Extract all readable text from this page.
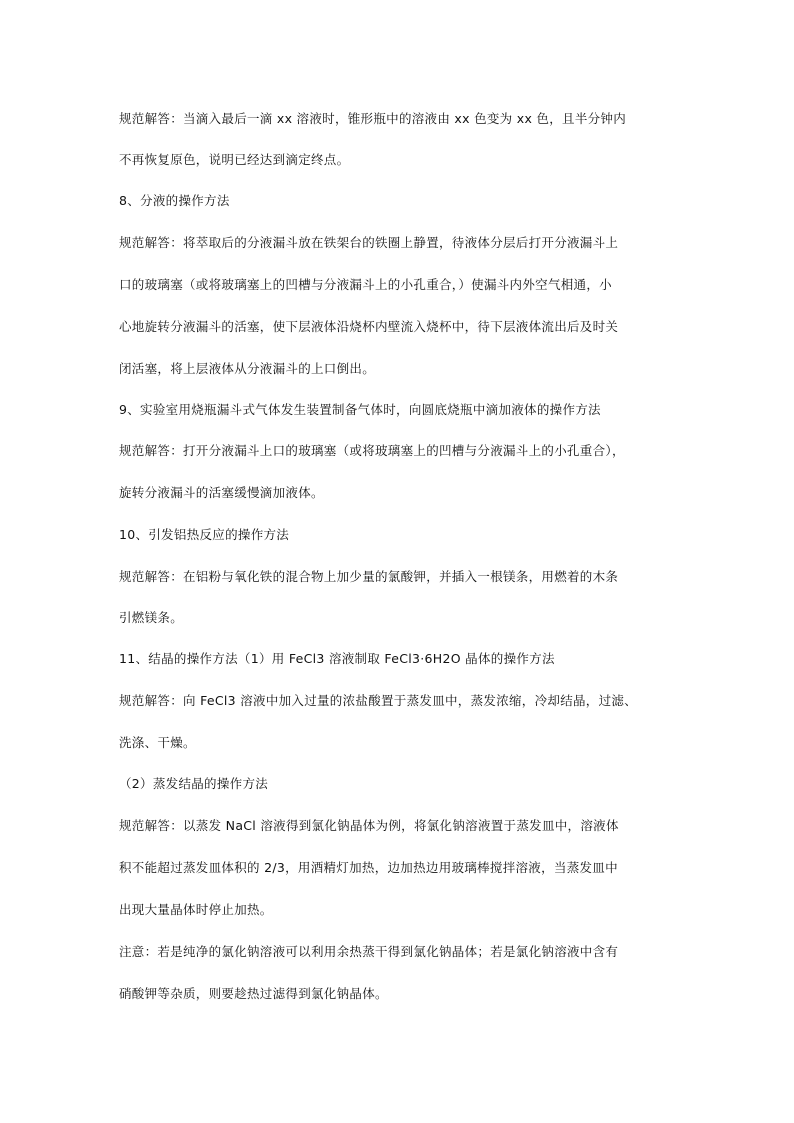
规范解答：当滴入最后一滴 xx 溶液时，锥形瓶中的溶液由 xx 色变为 xx 色，且半分钟内
不再恢复原色，说明已经达到滴定终点。
8、分液的操作方法
规范解答：将萃取后的分液漏斗放在铁架台的铁圈上静置，待液体分层后打开分液漏斗上
口的玻璃塞（或将玻璃塞上的凹槽与分液漏斗上的小孔重合，）使漏斗内外空气相通，小
心地旋转分液漏斗的活塞，使下层液体沿烧杯内壁流入烧杯中，待下层液体流出后及时关
闭活塞，将上层液体从分液漏斗的上口倒出。
9、实验室用烧瓶漏斗式气体发生装置制备气体时，向圆底烧瓶中滴加液体的操作方法
规范解答：打开分液漏斗上口的玻璃塞（或将玻璃塞上的凹槽与分液漏斗上的小孔重合），
旋转分液漏斗的活塞缓慢滴加液体。
10、引发铝热反应的操作方法
规范解答：在铝粉与氧化铁的混合物上加少量的氯酸钾，并插入一根镁条，用燃着的木条
引燃镁条。
11、结晶的操作方法（1）用 FeCl3 溶液制取 FeCl3·6H2O 晶体的操作方法
规范解答：向 FeCl3 溶液中加入过量的浓盐酸置于蒸发皿中，蒸发浓缩，冷却结晶，过滤、
洗涤、干燥。
（2）蒸发结晶的操作方法
规范解答：以蒸发 NaCl 溶液得到氯化钠晶体为例，将氯化钠溶液置于蒸发皿中，溶液体
积不能超过蒸发皿体积的 2/3，用酒精灯加热，边加热边用玻璃棒搅拌溶液，当蒸发皿中
出现大量晶体时停止加热。
注意：若是纯净的氯化钠溶液可以利用余热蒸干得到氯化钠晶体；若是氯化钠溶液中含有
硝酸钾等杂质，则要趁热过滤得到氯化钠晶体。
